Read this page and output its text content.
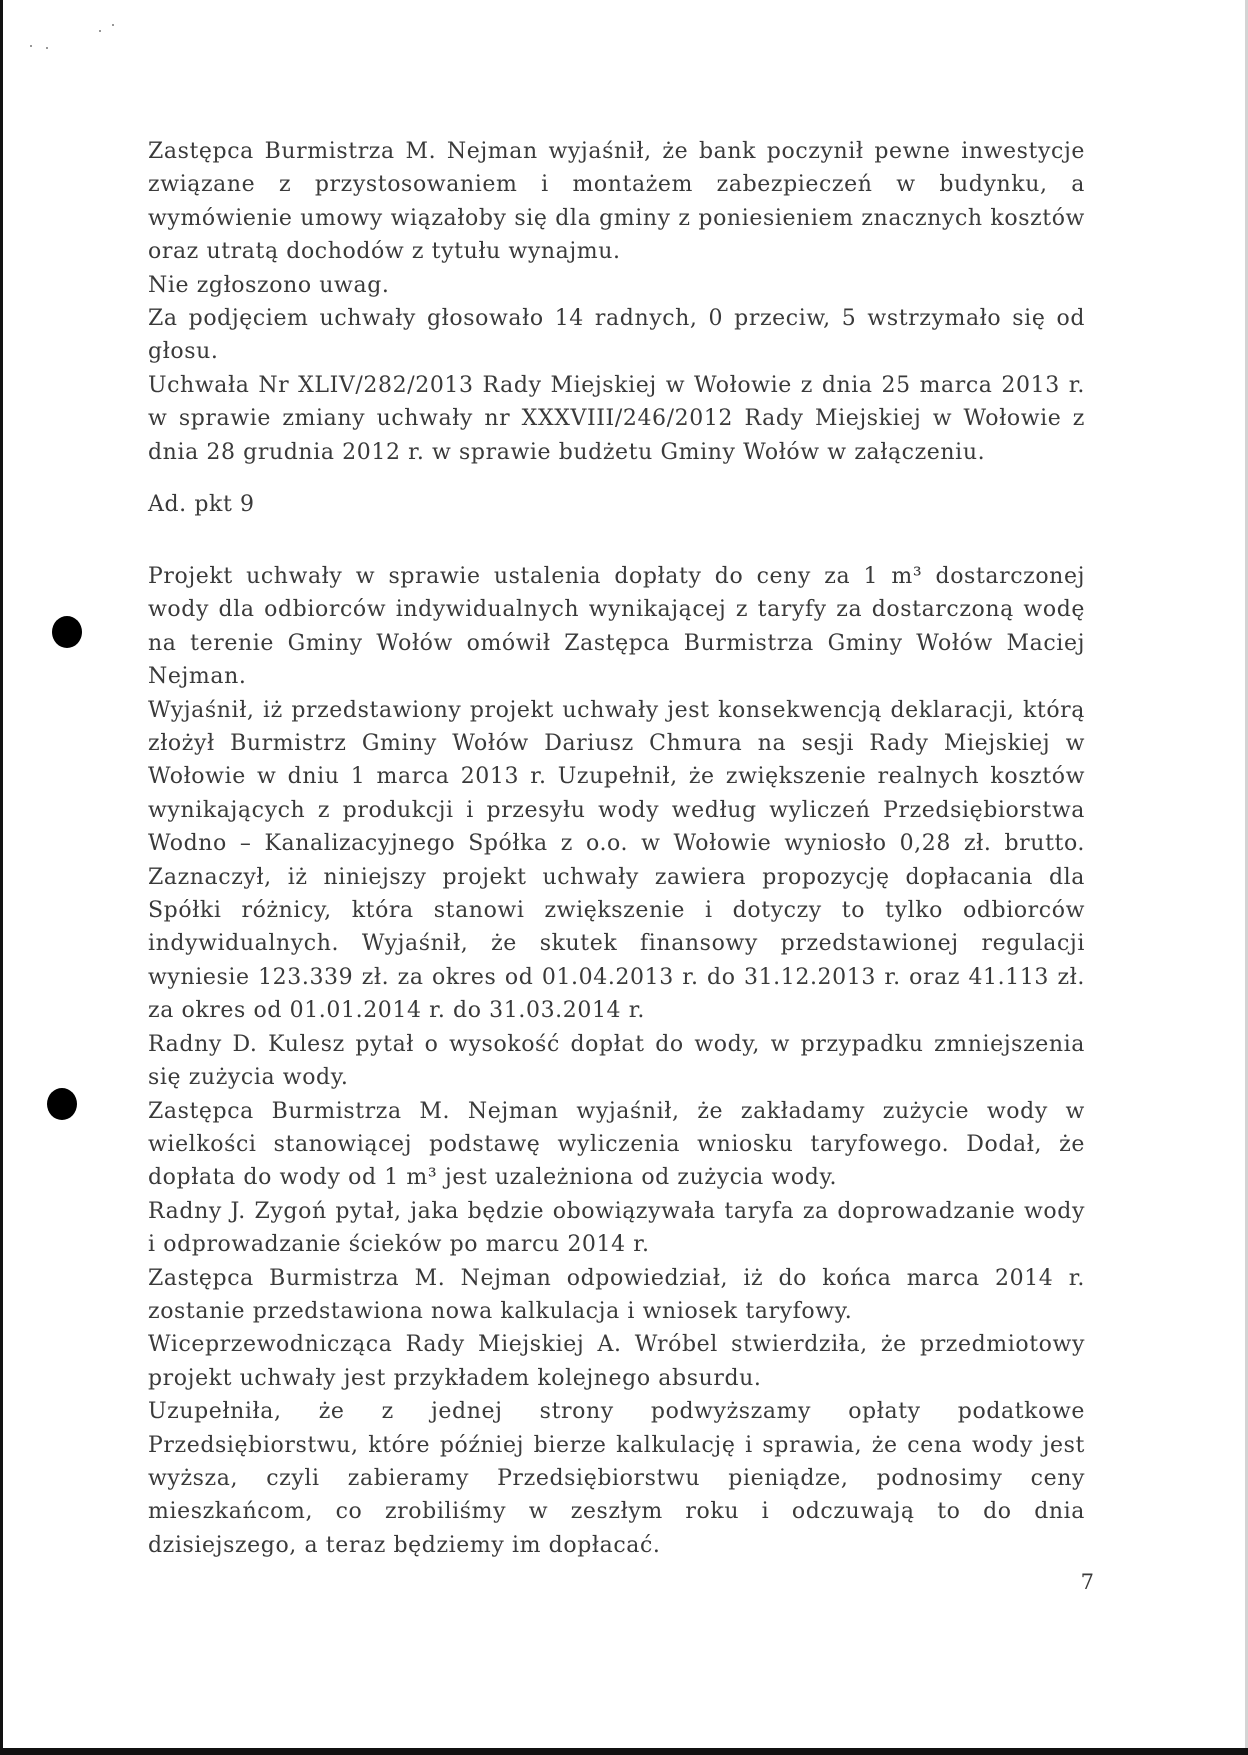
Zastępca Burmistrza M. Nejman wyjaśnił, że bank poczynił pewne inwestycje związane z przystosowaniem i montażem zabezpieczeń w budynku, a wymówienie umowy wiązałoby się dla gminy z poniesieniem znacznych kosztów oraz utratą dochodów z tytułu wynajmu.

Nie zgłoszono uwag.

Za podjęciem uchwały głosowało 14 radnych, 0 przeciw, 5 wstrzymało się od głosu.

Uchwała Nr XLIV/282/2013 Rady Miejskiej w Wołowie z dnia 25 marca 2013 r. w sprawie zmiany uchwały nr XXXVIII/246/2012 Rady Miejskiej w Wołowie z dnia 28 grudnia 2012 r. w sprawie budżetu Gminy Wołów w załączeniu.

Ad. pkt 9

Projekt uchwały w sprawie ustalenia dopłaty do ceny za 1 m³ dostarczonej wody dla odbiorców indywidualnych wynikającej z taryfy za dostarczoną wodę na terenie Gminy Wołów omówił Zastępca Burmistrza Gminy Wołów Maciej Nejman.

Wyjaśnił, iż przedstawiony projekt uchwały jest konsekwencją deklaracji, którą złożył Burmistrz Gminy Wołów Dariusz Chmura na sesji Rady Miejskiej w Wołowie w dniu 1 marca 2013 r. Uzupełnił, że zwiększenie realnych kosztów wynikających z produkcji i przesyłu wody według wyliczeń Przedsiębiorstwa Wodno – Kanalizacyjnego Spółka z o.o. w Wołowie wyniosło 0,28 zł. brutto. Zaznaczył, iż niniejszy projekt uchwały zawiera propozycję dopłacania dla Spółki różnicy, która stanowi zwiększenie i dotyczy to tylko odbiorców indywidualnych. Wyjaśnił, że skutek finansowy przedstawionej regulacji wyniesie 123.339 zł. za okres od 01.04.2013 r. do 31.12.2013 r. oraz 41.113 zł. za okres od 01.01.2014 r. do 31.03.2014 r.

Radny D. Kulesz pytał o wysokość dopłat do wody, w przypadku zmniejszenia się zużycia wody.

Zastępca Burmistrza M. Nejman wyjaśnił, że zakładamy zużycie wody w wielkości stanowiącej podstawę wyliczenia wniosku taryfowego. Dodał, że dopłata do wody od 1 m³ jest uzależniona od zużycia wody.

Radny J. Zygoń pytał, jaka będzie obowiązywała taryfa za doprowadzanie wody i odprowadzanie ścieków po marcu 2014 r.

Zastępca Burmistrza M. Nejman odpowiedział, iż do końca marca 2014 r. zostanie przedstawiona nowa kalkulacja i wniosek taryfowy.

Wiceprzewodnicząca Rady Miejskiej A. Wróbel stwierdziła, że przedmiotowy projekt uchwały jest przykładem kolejnego absurdu.

Uzupełniła, że z jednej strony podwyższamy opłaty podatkowe Przedsiębiorstwu, które później bierze kalkulację i sprawia, że cena wody jest wyższa, czyli zabieramy Przedsiębiorstwu pieniądze, podnosimy ceny mieszkańcom, co zrobiliśmy w zeszłym roku i odczuwają to do dnia dzisiejszego, a teraz będziemy im dopłacać.

7
